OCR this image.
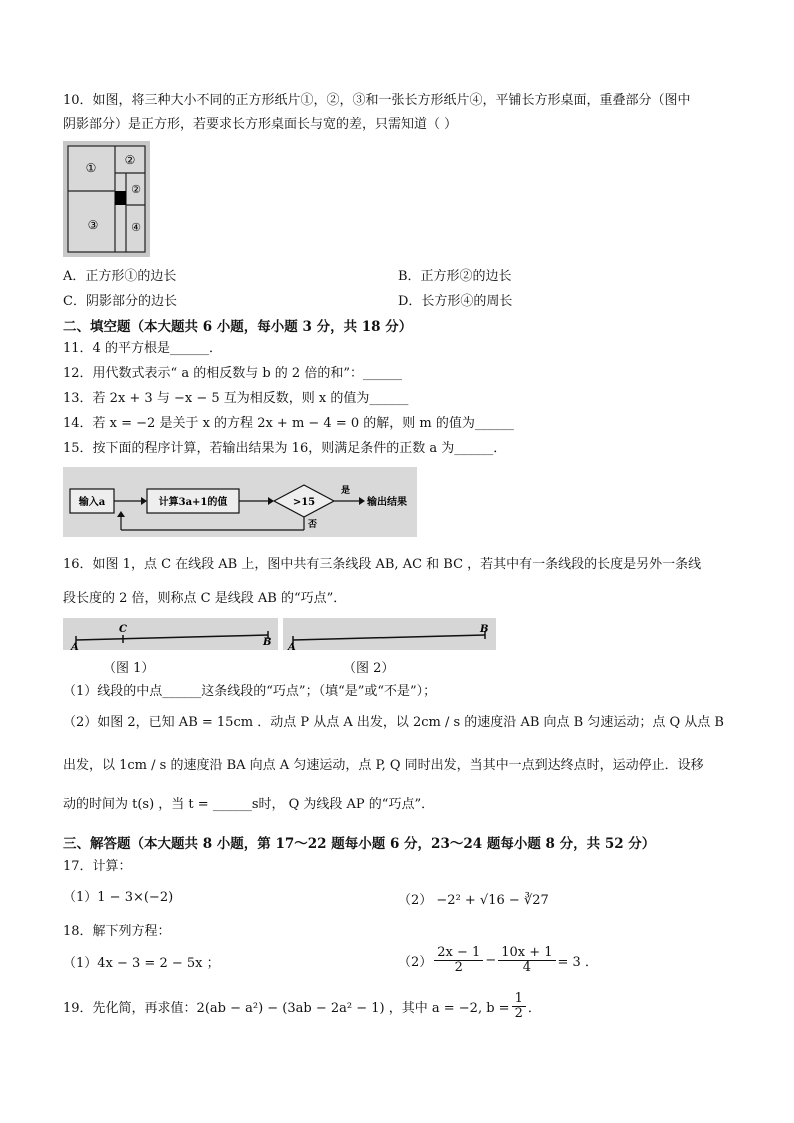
10．如图，将三种大小不同的正方形纸片①，②，③和一张长方形纸片④，平铺长方形桌面，重叠部分（图中
阴影部分）是正方形，若要求长方形桌面长与宽的差，只需知道（ ）
①
②
②
③	④
A．正方形①的边长	B．正方形②的边长
C．阴影部分的边长	D．长方形④的周长
二、填空题（本大题共 6 小题，每小题 3 分，共 18 分）
11．4 的平方根是______．
12．用代数式表示“ a 的相反数与 b 的 2 倍的和”：______
13．若 2x + 3 与 −x − 5 互为相反数，则 x 的值为______
14．若 x = −2 是关于 x 的方程 2x + m − 4 = 0 的解，则 m 的值为______
15．按下面的程序计算，若输出结果为 16，则满足条件的正数 a 为______．
输入a	计算3a+1的值	>15
是
输出结果
否
16．如图 1，点 C 在线段 AB 上，图中共有三条线段 AB, AC 和 BC ，若其中有一条线段的长度是另外一条线
段长度的 2 倍，则称点 C 是线段 AB 的“巧点”．
A
C
B A
B
（图 1）	（图 2）
（1）线段的中点______这条线段的“巧点”；（填“是”或“不是”）；
（2）如图 2，已知 AB = 15cm ．动点 P 从点 A 出发，以 2cm / s 的速度沿 AB 向点 B 匀速运动；点 Q 从点 B
出发，以 1cm / s 的速度沿 BA 向点 A 匀速运动，点 P, Q 同时出发，当其中一点到达终点时，运动停止．设移
动的时间为 t(s) ，当 t = ______s时， Q 为线段 AP 的“巧点”．
三、解答题（本大题共 8 小题，第 17～22 题每小题 6 分，23～24 题每小题 8 分，共 52 分）
17．计算：
（1）1 − 3×(−2)	（2） −2² + √16 − ∛27
18．解下列方程：
（1）4x − 3 = 2 − 5x ；	$(2) \frac{2x - 1}{2} - \frac{10x + 1}{4} = 3$ ．
19．先化简，再求值：2(ab − a²) − (3ab − 2a² − 1) ，其中 a = −2, $b = \frac{1}{2}$ ．
